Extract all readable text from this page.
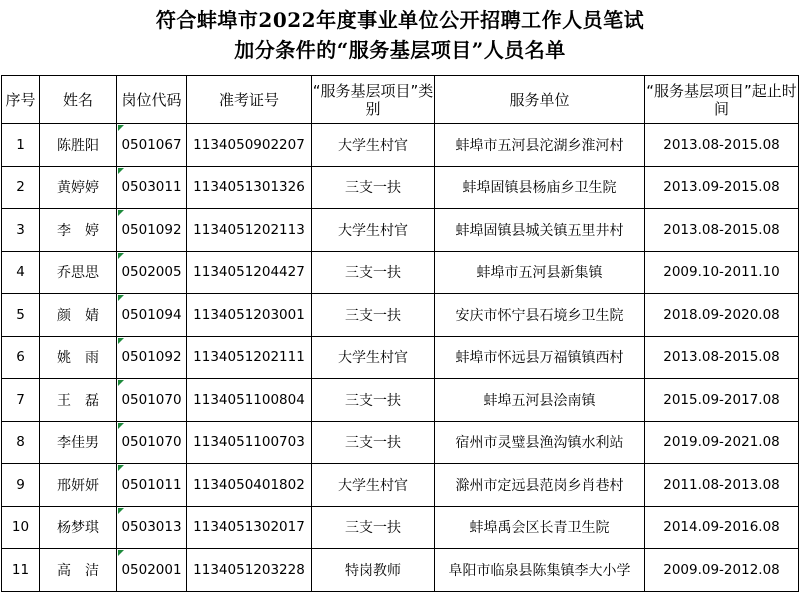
符合蚌埠市2022年度事业单位公开招聘工作人员笔试
加分条件的“服务基层项目”人员名单
序号	姓名	岗位代码	准考证号	“服务基层项目”类别	服务单位	“服务基层项目”起止时间
1	陈胜阳	0501067	1134050902207	大学生村官	蚌埠市五河县沱湖乡淮河村	2013.08-2015.08
2	黄婷婷	0503011	1134051301326	三支一扶	蚌埠固镇县杨庙乡卫生院	2013.09-2015.08
3	李　婷	0501092	1134051202113	大学生村官	蚌埠固镇县城关镇五里井村	2013.08-2015.08
4	乔思思	0502005	1134051204427	三支一扶	蚌埠市五河县新集镇	2009.10-2011.10
5	颜　婧	0501094	1134051203001	三支一扶	安庆市怀宁县石境乡卫生院	2018.09-2020.08
6	姚　雨	0501092	1134051202111	大学生村官	蚌埠市怀远县万福镇镇西村	2013.08-2015.08
7	王　磊	0501070	1134051100804	三支一扶	蚌埠五河县浍南镇	2015.09-2017.08
8	李佳男	0501070	1134051100703	三支一扶	宿州市灵璧县渔沟镇水利站	2019.09-2021.08
9	邢妍妍	0501011	1134050401802	大学生村官	滁州市定远县范岗乡肖巷村	2011.08-2013.08
10	杨梦琪	0503013	1134051302017	三支一扶	蚌埠禹会区长青卫生院	2014.09-2016.08
11	高　洁	0502001	1134051203228	特岗教师	阜阳市临泉县陈集镇李大小学	2009.09-2012.08
